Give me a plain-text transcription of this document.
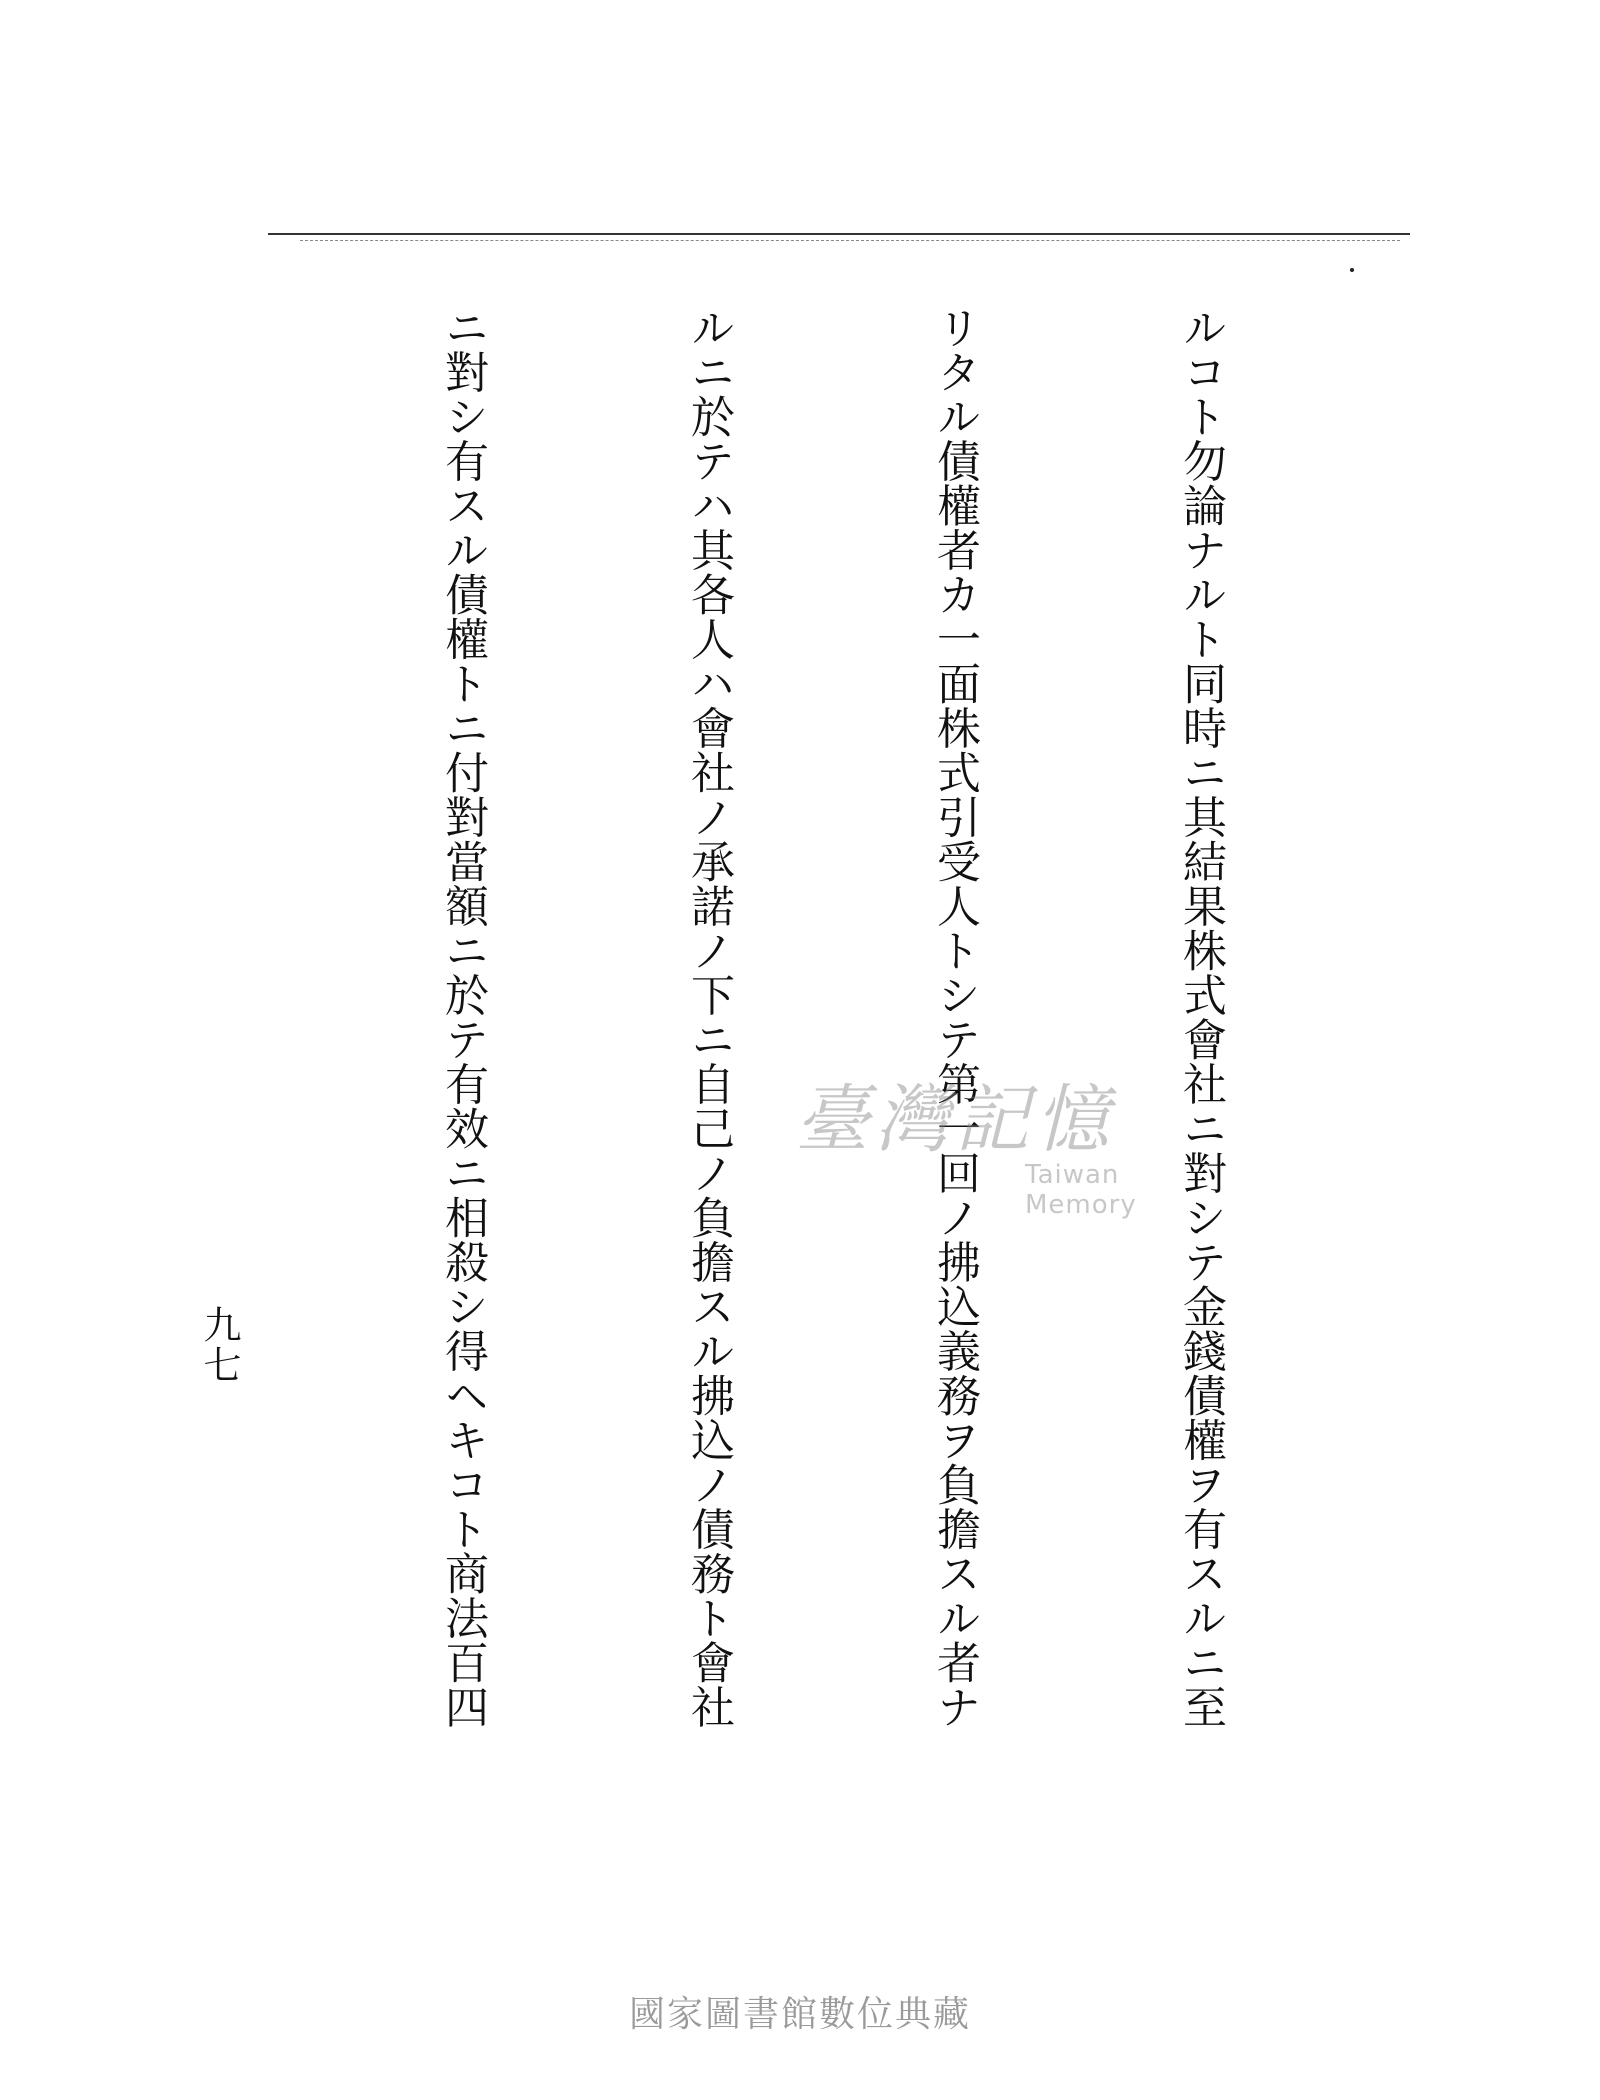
ルコト勿論ナルト同時ニ其結果株式會社ニ對シテ金錢債權ヲ有スルニ至

リタル債權者カ一面株式引受人トシテ第一回ノ拂込義務ヲ負擔スル者ナ

ルニ於テハ其各人ハ會社ノ承諾ノ下ニ自己ノ負擔スル拂込ノ債務ト會社

ニ對シ有スル債權トニ付對當額ニ於テ有效ニ相殺シ得ヘキコト商法百四

九七
臺灣記憶
Taiwan Memory
國家圖書館數位典藏
